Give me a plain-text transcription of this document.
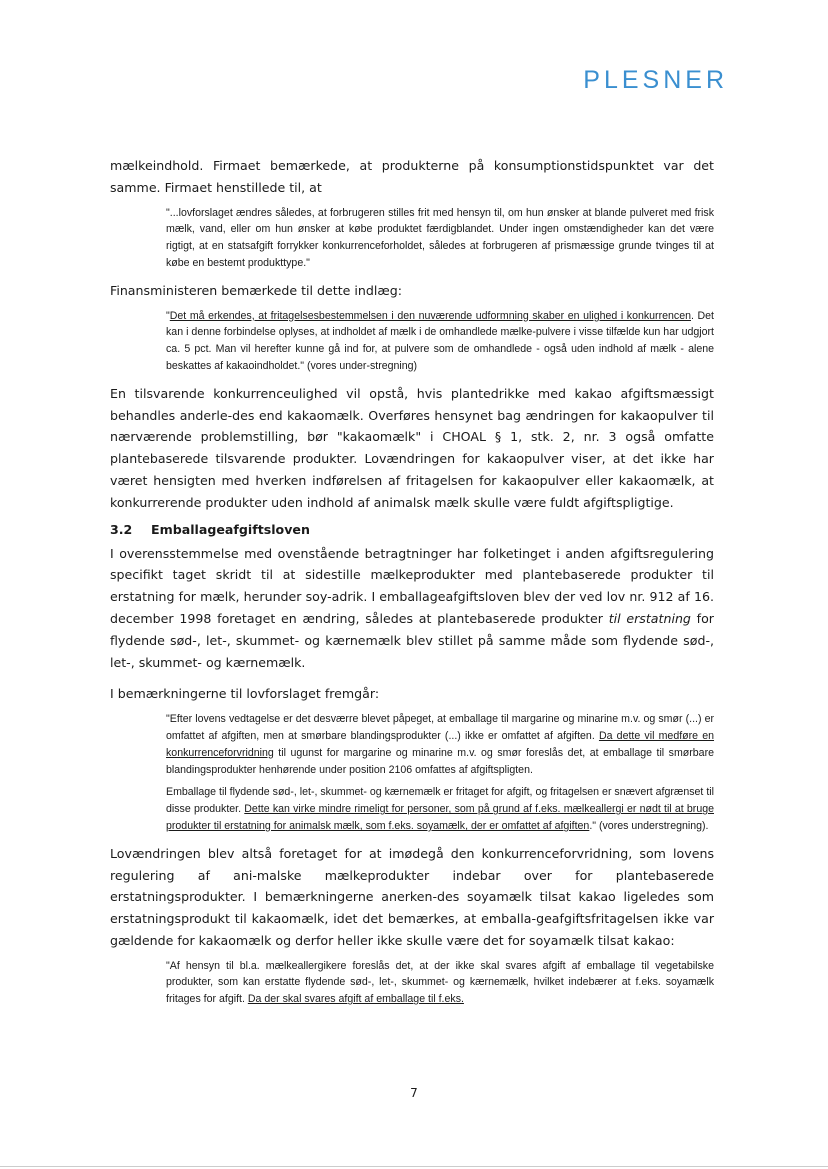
PLESNER

mælkeindhold. Firmaet bemærkede, at produkterne på konsumptionstidspunktet var det samme. Firmaet henstillede til, at

"...lovforslaget ændres således, at forbrugeren stilles frit med hensyn til, om hun ønsker at blande pulveret med frisk mælk, vand, eller om hun ønsker at købe produktet færdigblandet. Under ingen omstændigheder kan det være rigtigt, at en statsafgift forrykker konkurrenceforholdet, således at forbrugeren af prismæssige grunde tvinges til at købe en bestemt produkttype."

Finansministeren bemærkede til dette indlæg:

"Det må erkendes, at fritagelsesbestemmelsen i den nuværende udformning skaber en ulighed i konkurrencen. Det kan i denne forbindelse oplyses, at indholdet af mælk i de omhandlede mælke-pulvere i visse tilfælde kun har udgjort ca. 5 pct. Man vil herefter kunne gå ind for, at pulvere som de omhandlede - også uden indhold af mælk - alene beskattes af kakaoindholdet." (vores under-stregning)

En tilsvarende konkurrenceulighed vil opstå, hvis plantedrikke med kakao afgiftsmæssigt behandles anderle-des end kakaomælk. Overføres hensynet bag ændringen for kakaopulver til nærværende problemstilling, bør "kakaomælk" i CHOAL § 1, stk. 2, nr. 3 også omfatte plantebaserede tilsvarende produkter. Lovændringen for kakaopulver viser, at det ikke har været hensigten med hverken indførelsen af fritagelsen for kakaopulver eller kakaomælk, at konkurrerende produkter uden indhold af animalsk mælk skulle være fuldt afgiftspligtige.

3.2 Emballageafgiftsloven

I overensstemmelse med ovenstående betragtninger har folketinget i anden afgiftsregulering specifikt taget skridt til at sidestille mælkeprodukter med plantebaserede produkter til erstatning for mælk, herunder soy-adrik. I emballageafgiftsloven blev der ved lov nr. 912 af 16. december 1998 foretaget en ændring, således at plantebaserede produkter til erstatning for flydende sød-, let-, skummet- og kærnemælk blev stillet på samme måde som flydende sød-, let-, skummet- og kærnemælk.

I bemærkningerne til lovforslaget fremgår:

"Efter lovens vedtagelse er det desværre blevet påpeget, at emballage til margarine og minarine m.v. og smør (...) er omfattet af afgiften, men at smørbare blandingsprodukter (...) ikke er omfattet af afgiften. Da dette vil medføre en konkurrenceforvridning til ugunst for margarine og minarine m.v. og smør foreslås det, at emballage til smørbare blandingsprodukter henhørende under position 2106 omfattes af afgiftspligten.

Emballage til flydende sød-, let-, skummet- og kærnemælk er fritaget for afgift, og fritagelsen er snævert afgrænset til disse produkter. Dette kan virke mindre rimeligt for personer, som på grund af f.eks. mælkeallergi er nødt til at bruge produkter til erstatning for animalsk mælk, som f.eks. soyamælk, der er omfattet af afgiften." (vores understregning).

Lovændringen blev altså foretaget for at imødegå den konkurrenceforvridning, som lovens regulering af ani-malske mælkeprodukter indebar over for plantebaserede erstatningsprodukter. I bemærkningerne anerken-des soyamælk tilsat kakao ligeledes som erstatningsprodukt til kakaomælk, idet det bemærkes, at emballa-geafgiftsfritagelsen ikke var gældende for kakaomælk og derfor heller ikke skulle være det for soyamælk tilsat kakao:

"Af hensyn til bl.a. mælkeallergikere foreslås det, at der ikke skal svares afgift af emballage til vegetabilske produkter, som kan erstatte flydende sød-, let-, skummet- og kærnemælk, hvilket indebærer at f.eks. soyamælk fritages for afgift. Da der skal svares afgift af emballage til f.eks.

7
